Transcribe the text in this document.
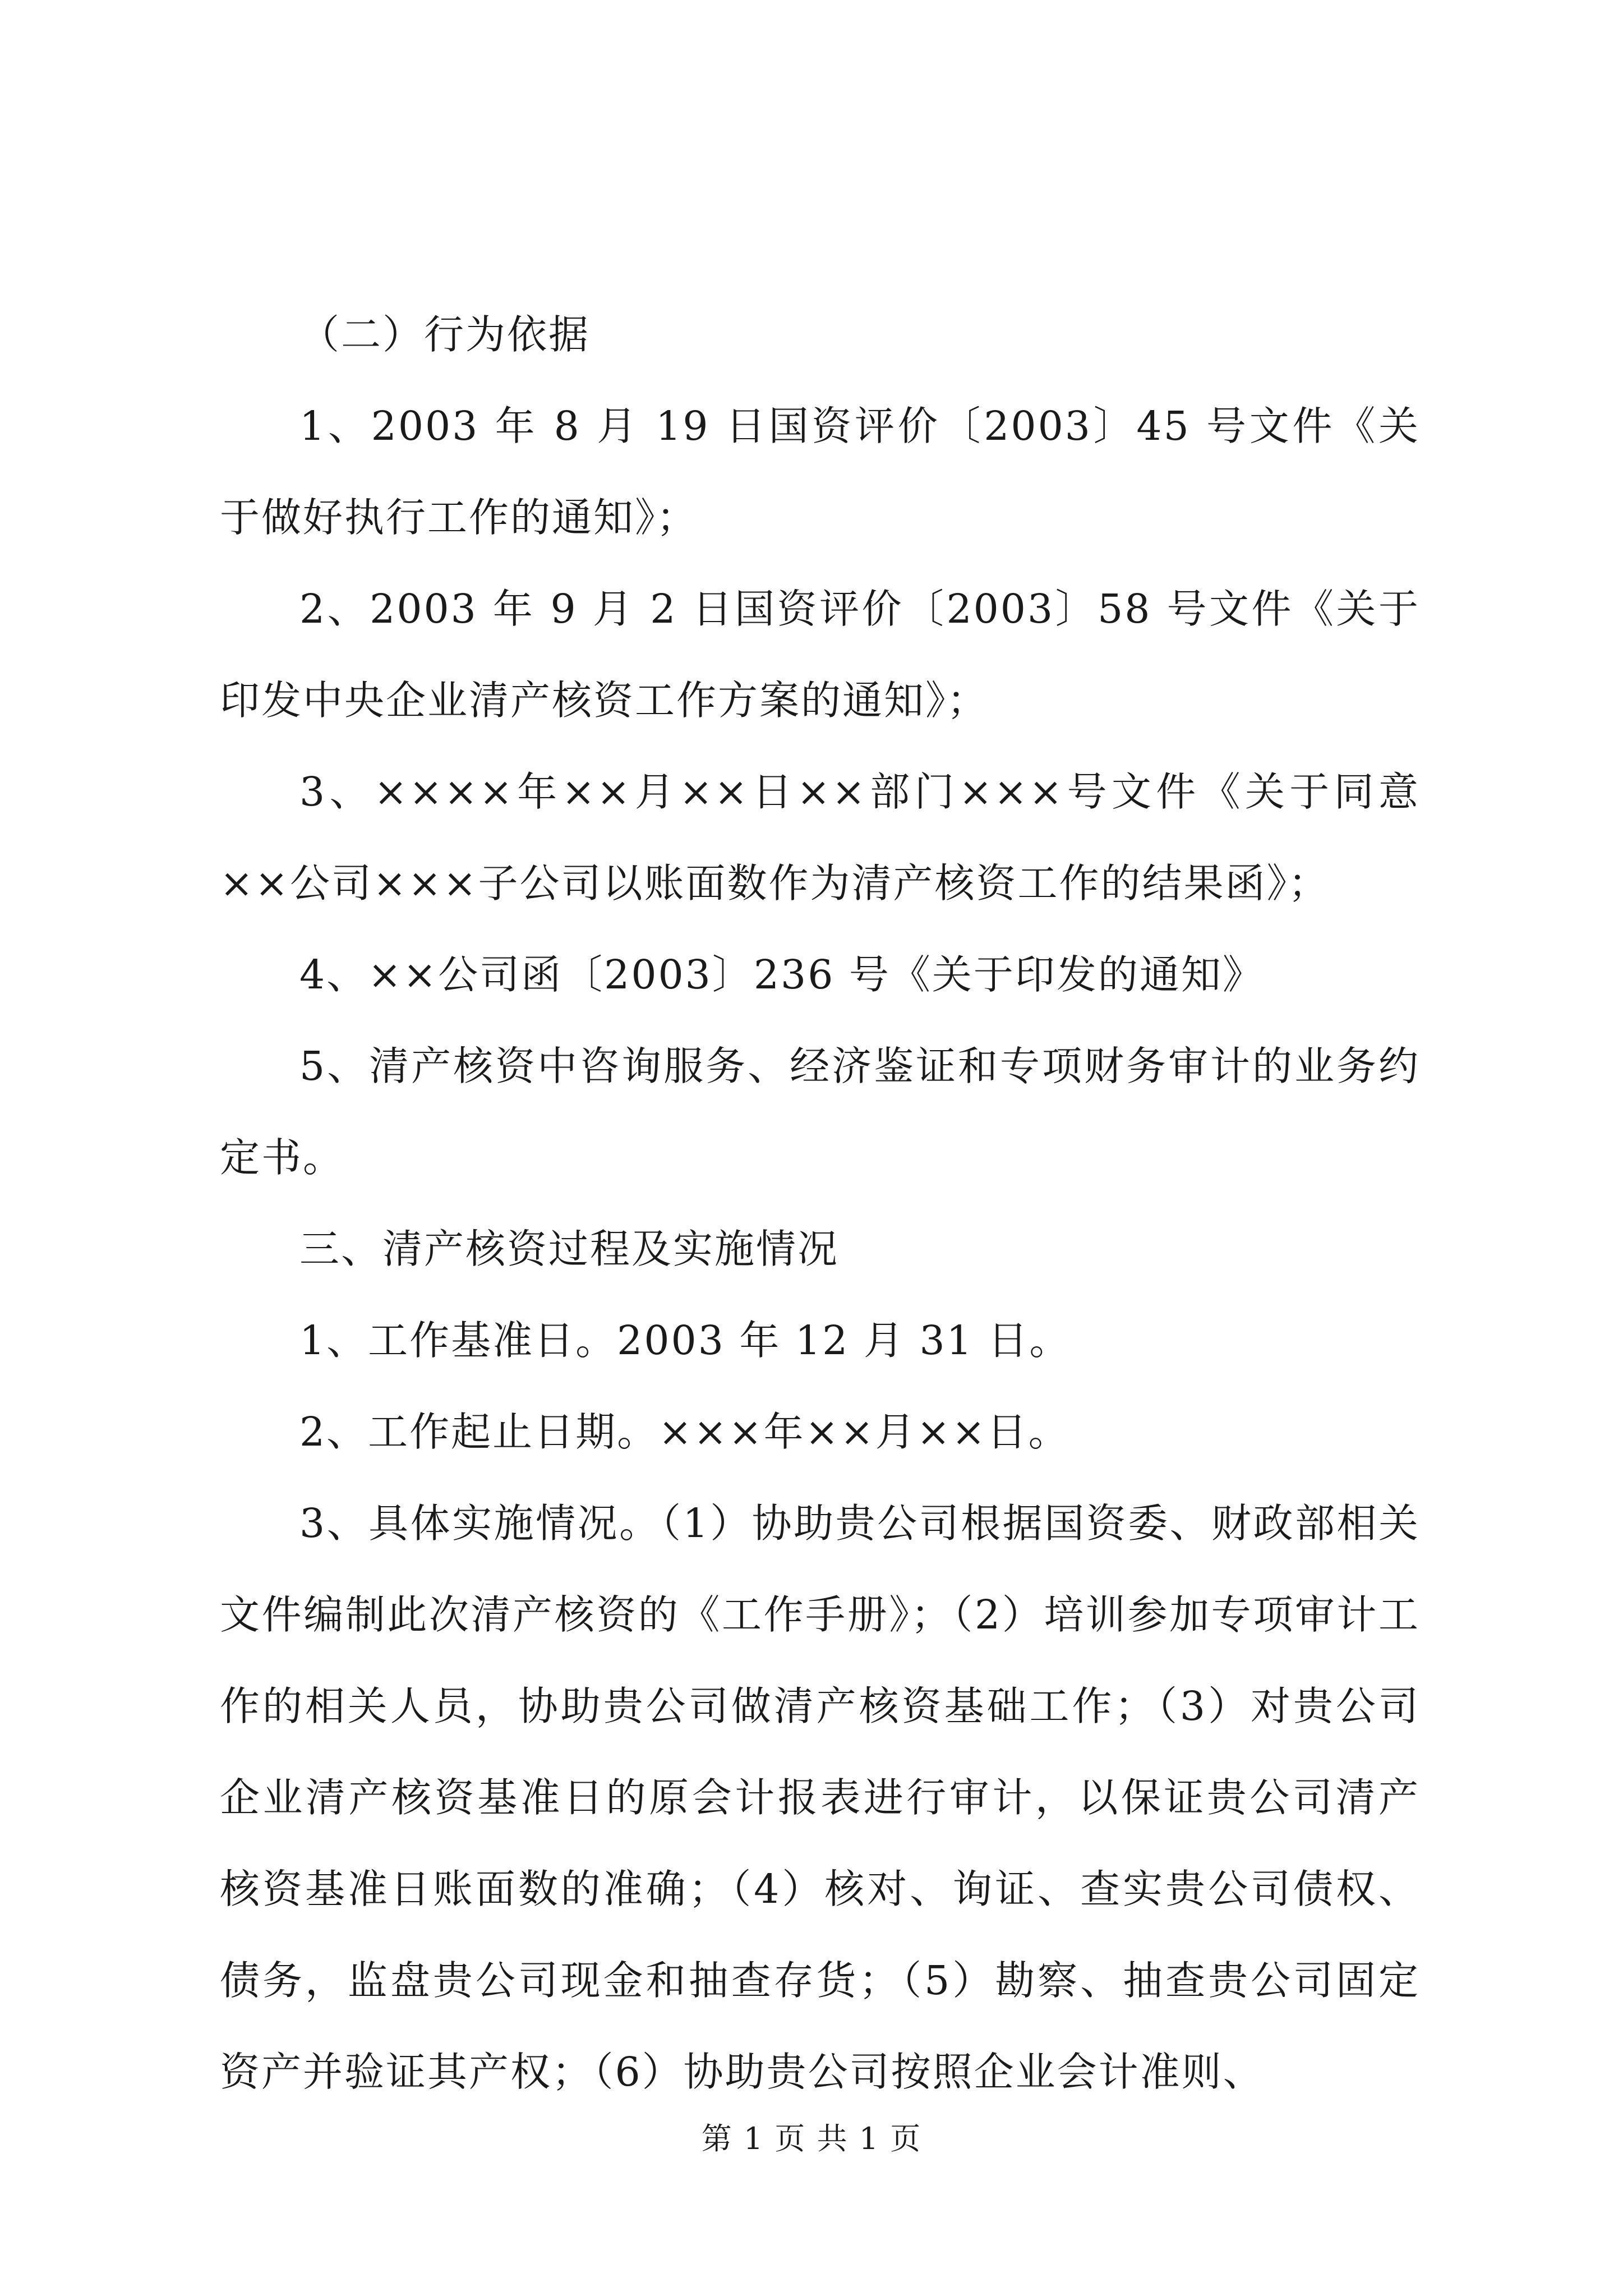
（二）行为依据

1、2003 年 8 月 19 日国资评价〔2003〕45 号文件《关于做好执行工作的通知》；

2、2003 年 9 月 2 日国资评价〔2003〕58 号文件《关于印发中央企业清产核资工作方案的通知》；

3、××××年××月××日××部门×××号文件《关于同意××公司×××子公司以账面数作为清产核资工作的结果函》；

4、××公司函〔2003〕236 号《关于印发的通知》

5、清产核资中咨询服务、经济鉴证和专项财务审计的业务约定书。

三、清产核资过程及实施情况

1、工作基准日。2003 年 12 月 31 日。

2、工作起止日期。×××年××月××日。

3、具体实施情况。（1）协助贵公司根据国资委、财政部相关文件编制此次清产核资的《工作手册》；（2）培训参加专项审计工作的相关人员，协助贵公司做清产核资基础工作；（3）对贵公司企业清产核资基准日的原会计报表进行审计，以保证贵公司清产核资基准日账面数的准确；（4）核对、询证、查实贵公司债权、债务，监盘贵公司现金和抽查存货；（5）勘察、抽查贵公司固定资产并验证其产权；（6）协助贵公司按照企业会计准则、

第 1 页 共 1 页
